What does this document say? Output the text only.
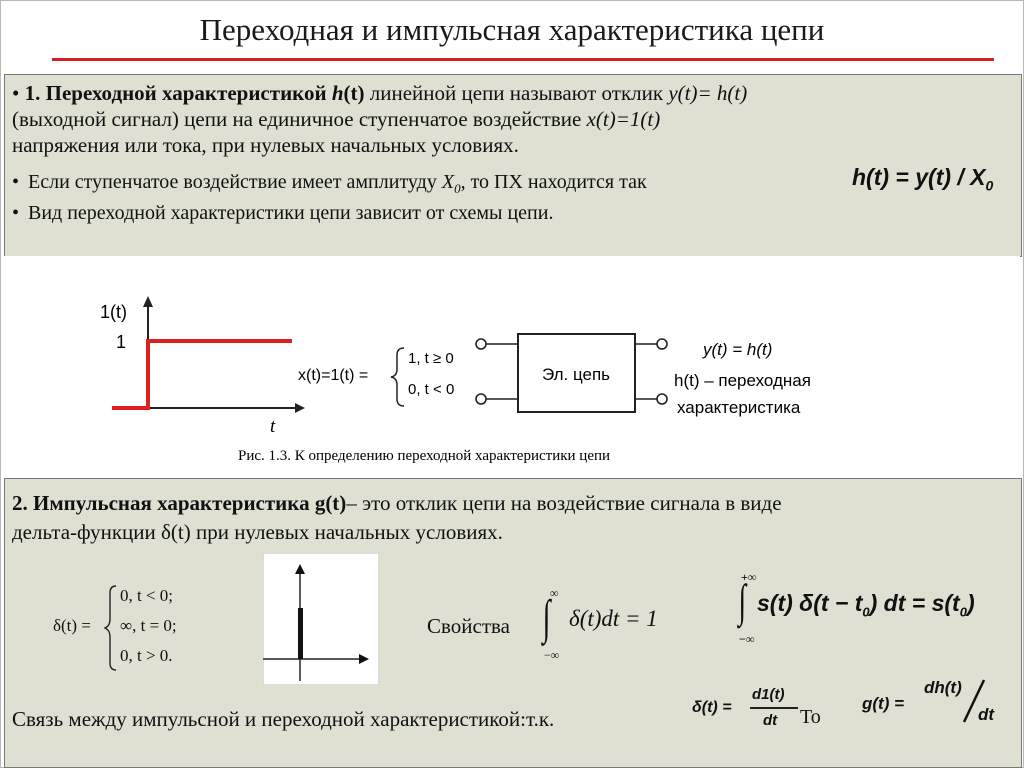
Переходная и импульсная характеристика цепи
• 1. Переходной характеристикой h(t) линейной цепи называют отклик y(t)= h(t)
(выходной сигнал) цепи на единичное ступенчатое воздействие x(t)=1(t)
напряжения или тока, при нулевых начальных условиях.
• Если ступенчатое воздействие имеет амплитуду $X_0$, то ПХ находится так
• Вид переходной характеристики цепи зависит от схемы цепи.
$h(t) = y(t) / X_0$
1(t)
1
t
x(t)=1(t) =
1, t ≥ 0
0, t < 0
Эл. цепь
y(t) = h(t)
h(t) – переходная
характеристика
Рис. 1.3. К определению переходной характеристики цепи
2. Импульсная характеристика g(t)– это отклик цепи на воздействие сигнала в виде
дельта-функции δ(t) при нулевых начальных условиях.
δ(t) =
0, t < 0;
∞, t = 0;
0, t > 0.
Свойства
∞
∫
−∞
δ(t)dt = 1
+∞
∫
−∞
s(t) $\delta(t - t_0)$ dt = $s(t_0)$
Связь между импульсной и переходной характеристикой:т.к.	δ(t) =
d1(t)
dt То
g(t) =
dh(t)
dt
